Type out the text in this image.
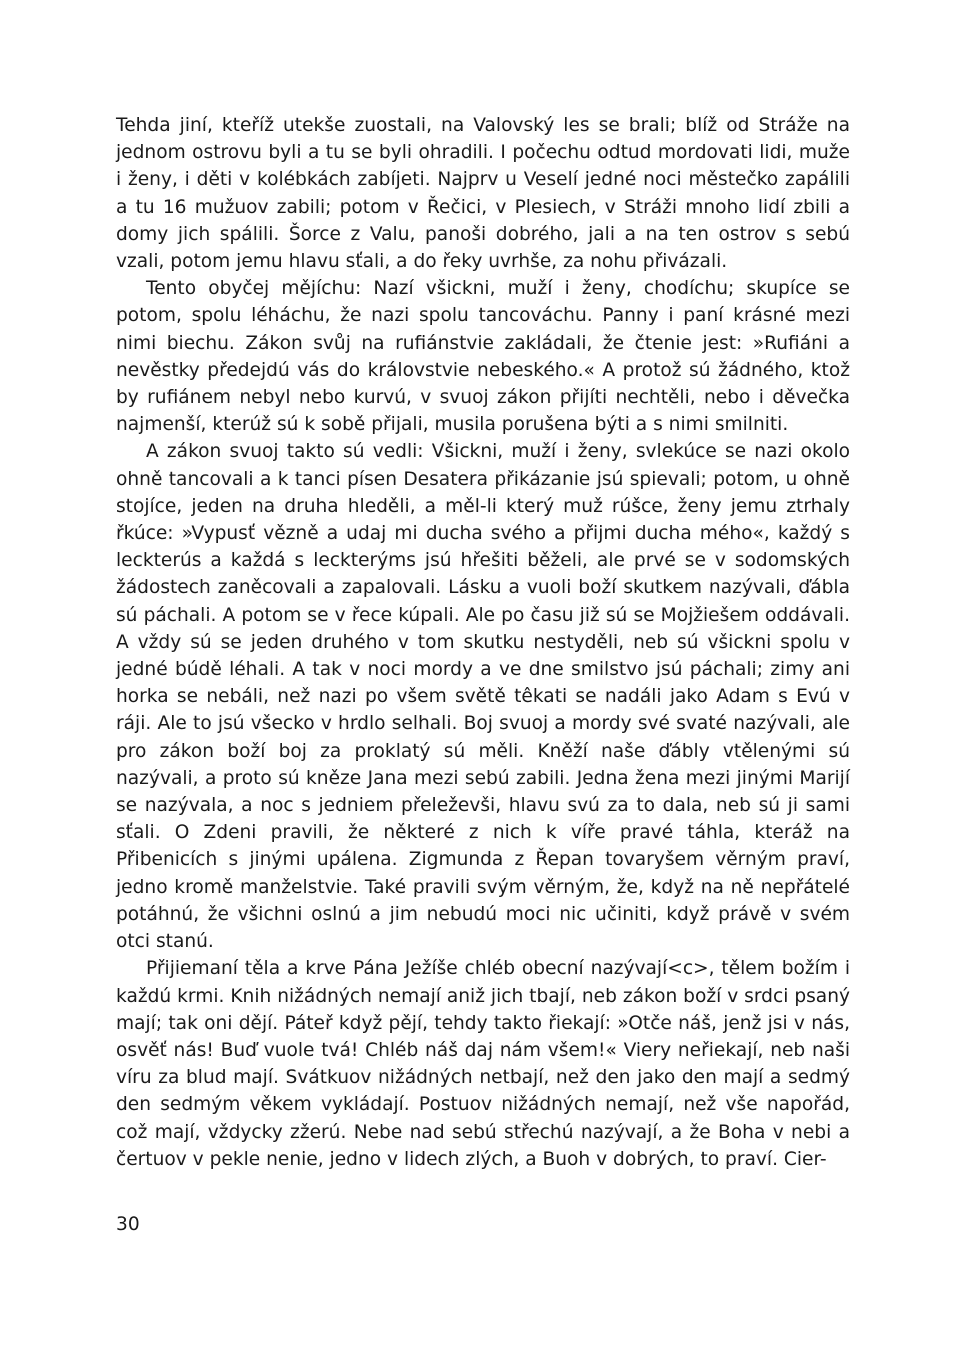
Tehda jiní, kteříž utekše zuostali, na Valovský les se brali; blíž od Stráže na jednom ostrovu byli a tu se byli ohradili. I počechu odtud mordovati lidi, muže i ženy, i děti v kolébkách zabíjeti. Najprv u Veselí jedné noci městečko zapálili a tu 16 mužuov zabili; potom v Řečici, v Plesiech, v Stráži mnoho lidí zbili a domy jich spálili. Šorce z Valu, panoši dobrého, jali a na ten ostrov s sebú vzali, potom jemu hlavu sťali, a do řeky uvrhše, za nohu přivázali.

Tento obyčej mějíchu: Nazí všickni, muží i ženy, chodíchu; skupíce se potom, spolu léháchu, že nazi spolu tancováchu. Panny i paní krásné mezi nimi biechu. Zákon svůj na rufiánstvie zakládali, že čtenie jest: »Rufiáni a nevěstky předejdú vás do královstvie nebeského.« A protož sú žádného, ktož by rufiánem nebyl nebo kurvú, v svuoj zákon přijíti nechtěli, nebo i děvečka najmenší, kterúž sú k sobě přijali, musila porušena býti a s nimi smilniti.

A zákon svuoj takto sú vedli: Všickni, muží i ženy, svlekúce se nazi okolo ohně tancovali a k tanci písen Desatera přikázanie jsú spievali; potom, u ohně stojíce, jeden na druha hleděli, a měl-li který muž rúšce, ženy jemu ztrhaly řkúce: »Vypusť vězně a udaj mi ducha svého a přijmi ducha mého«, každý s leckterús a každá s leckterýms jsú hřešiti běželi, ale prvé se v sodomských žádostech zaněcovali a zapalovali. Lásku a vuoli boží skutkem nazývali, ďábla sú páchali. A potom se v řece kúpali. Ale po času již sú se Mojžiešem oddávali. A vždy sú se jeden druhého v tom skutku nestyděli, neb sú všickni spolu v jedné búdě léhali. A tak v noci mordy a ve dne smilstvo jsú páchali; zimy ani horka se nebáli, než nazi po všem světě têkati se nadáli jako Adam s Evú v ráji. Ale to jsú všecko v hrdlo selhali. Boj svuoj a mordy své svaté nazývali, ale pro zákon boží boj za proklatý sú měli. Kněží naše ďábly vtělenými sú nazývali, a proto sú kněze Jana mezi sebú zabili. Jedna žena mezi jinými Marijí se nazývala, a noc s jedniem přeleževši, hlavu svú za to dala, neb sú ji sami sťali. O Zdeni pravili, že některé z nich k víře pravé táhla, kteráž na Přibenicích s jinými upálena. Zigmunda z Řepan tovaryšem věrným praví, jedno kromě manželstvie. Také pravili svým věrným, že, když na ně nepřátelé potáhnú, že všichni oslnú a jim nebudú moci nic učiniti, když právě v svém otci stanú.

Přijiemaní těla a krve Pána Ježíše chléb obecní nazývají<c>, tělem božím i každú krmi. Knih nižádných nemají aniž jich tbají, neb zákon boží v srdci psaný mají; tak oni dějí. Páteř když pějí, tehdy takto řiekají: »Otče náš, jenž jsi v nás, osvěť nás! Buď vuole tvá! Chléb náš daj nám všem!« Viery neřiekají, neb naši víru za blud mají. Svátkuov nižádných netbají, než den jako den mají a sedmý den sedmým věkem vykládají. Postuov nižádných nemají, než vše napořád, což mají, vždycky zžerú. Nebe nad sebú střechú nazývají, a že Boha v nebi a čertuov v pekle nenie, jedno v lidech zlých, a Buoh v dobrých, to praví. Cier-

30
